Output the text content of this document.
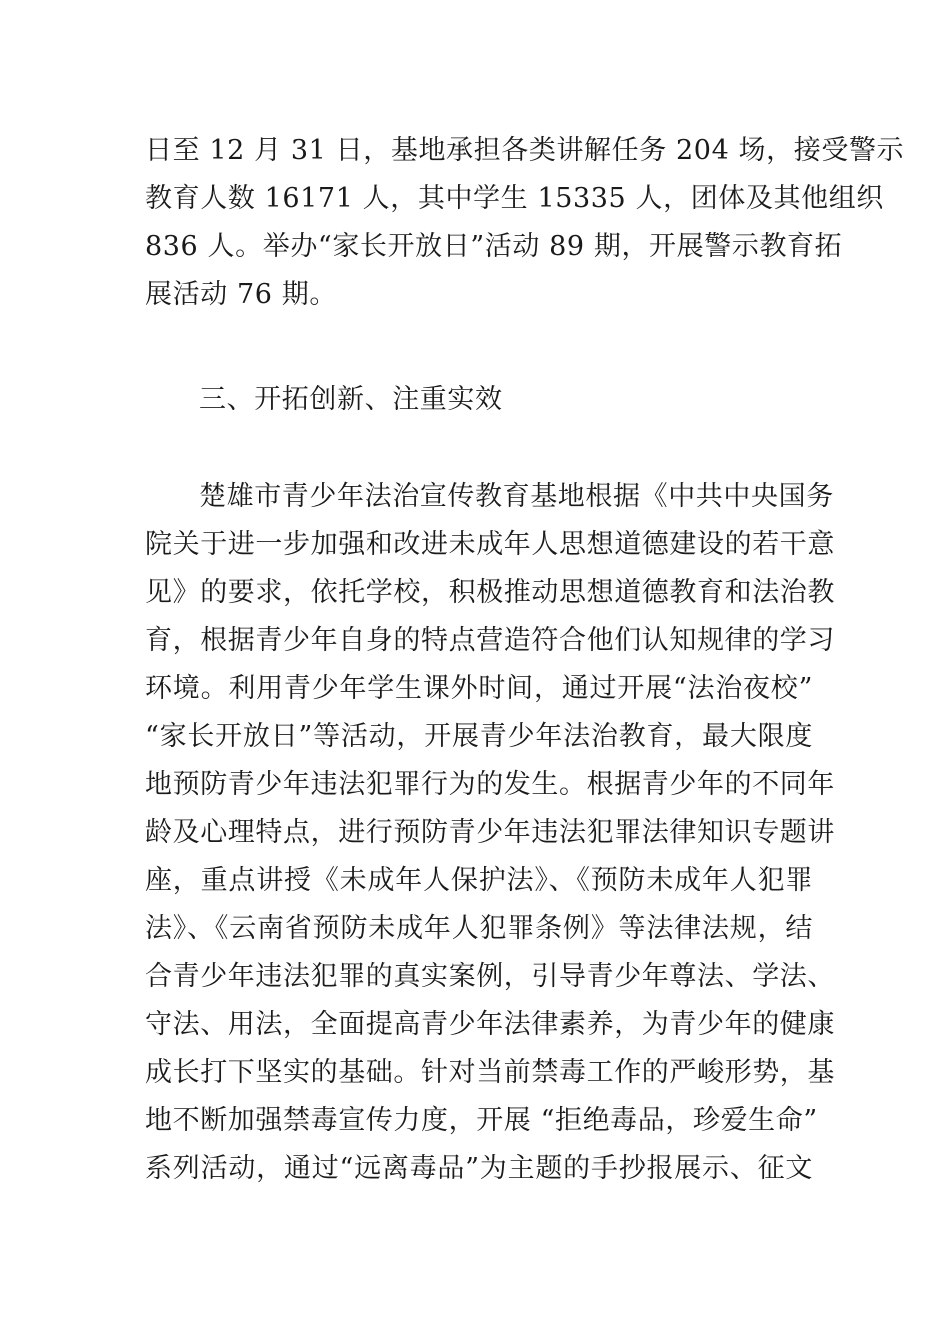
日至 12 月 31 日，基地承担各类讲解任务 204 场，接受警示
教育人数 16171 人，其中学生 15335 人，团体及其他组织
836 人。举办“家长开放日”活动 89 期，开展警示教育拓
展活动 76 期。
三、开拓创新、注重实效
楚雄市青少年法治宣传教育基地根据《中共中央国务
院关于进一步加强和改进未成年人思想道德建设的若干意
见》的要求，依托学校，积极推动思想道德教育和法治教
育，根据青少年自身的特点营造符合他们认知规律的学习
环境。利用青少年学生课外时间，通过开展“法治夜校”
“家长开放日”等活动，开展青少年法治教育，最大限度
地预防青少年违法犯罪行为的发生。根据青少年的不同年
龄及心理特点，进行预防青少年违法犯罪法律知识专题讲
座，重点讲授《未成年人保护法》、《预防未成年人犯罪
法》、《云南省预防未成年人犯罪条例》等法律法规，结
合青少年违法犯罪的真实案例，引导青少年尊法、学法、
守法、用法，全面提高青少年法律素养，为青少年的健康
成长打下坚实的基础。针对当前禁毒工作的严峻形势，基
地不断加强禁毒宣传力度，开展 “拒绝毒品，珍爱生命”
系列活动，通过“远离毒品”为主题的手抄报展示、征文
